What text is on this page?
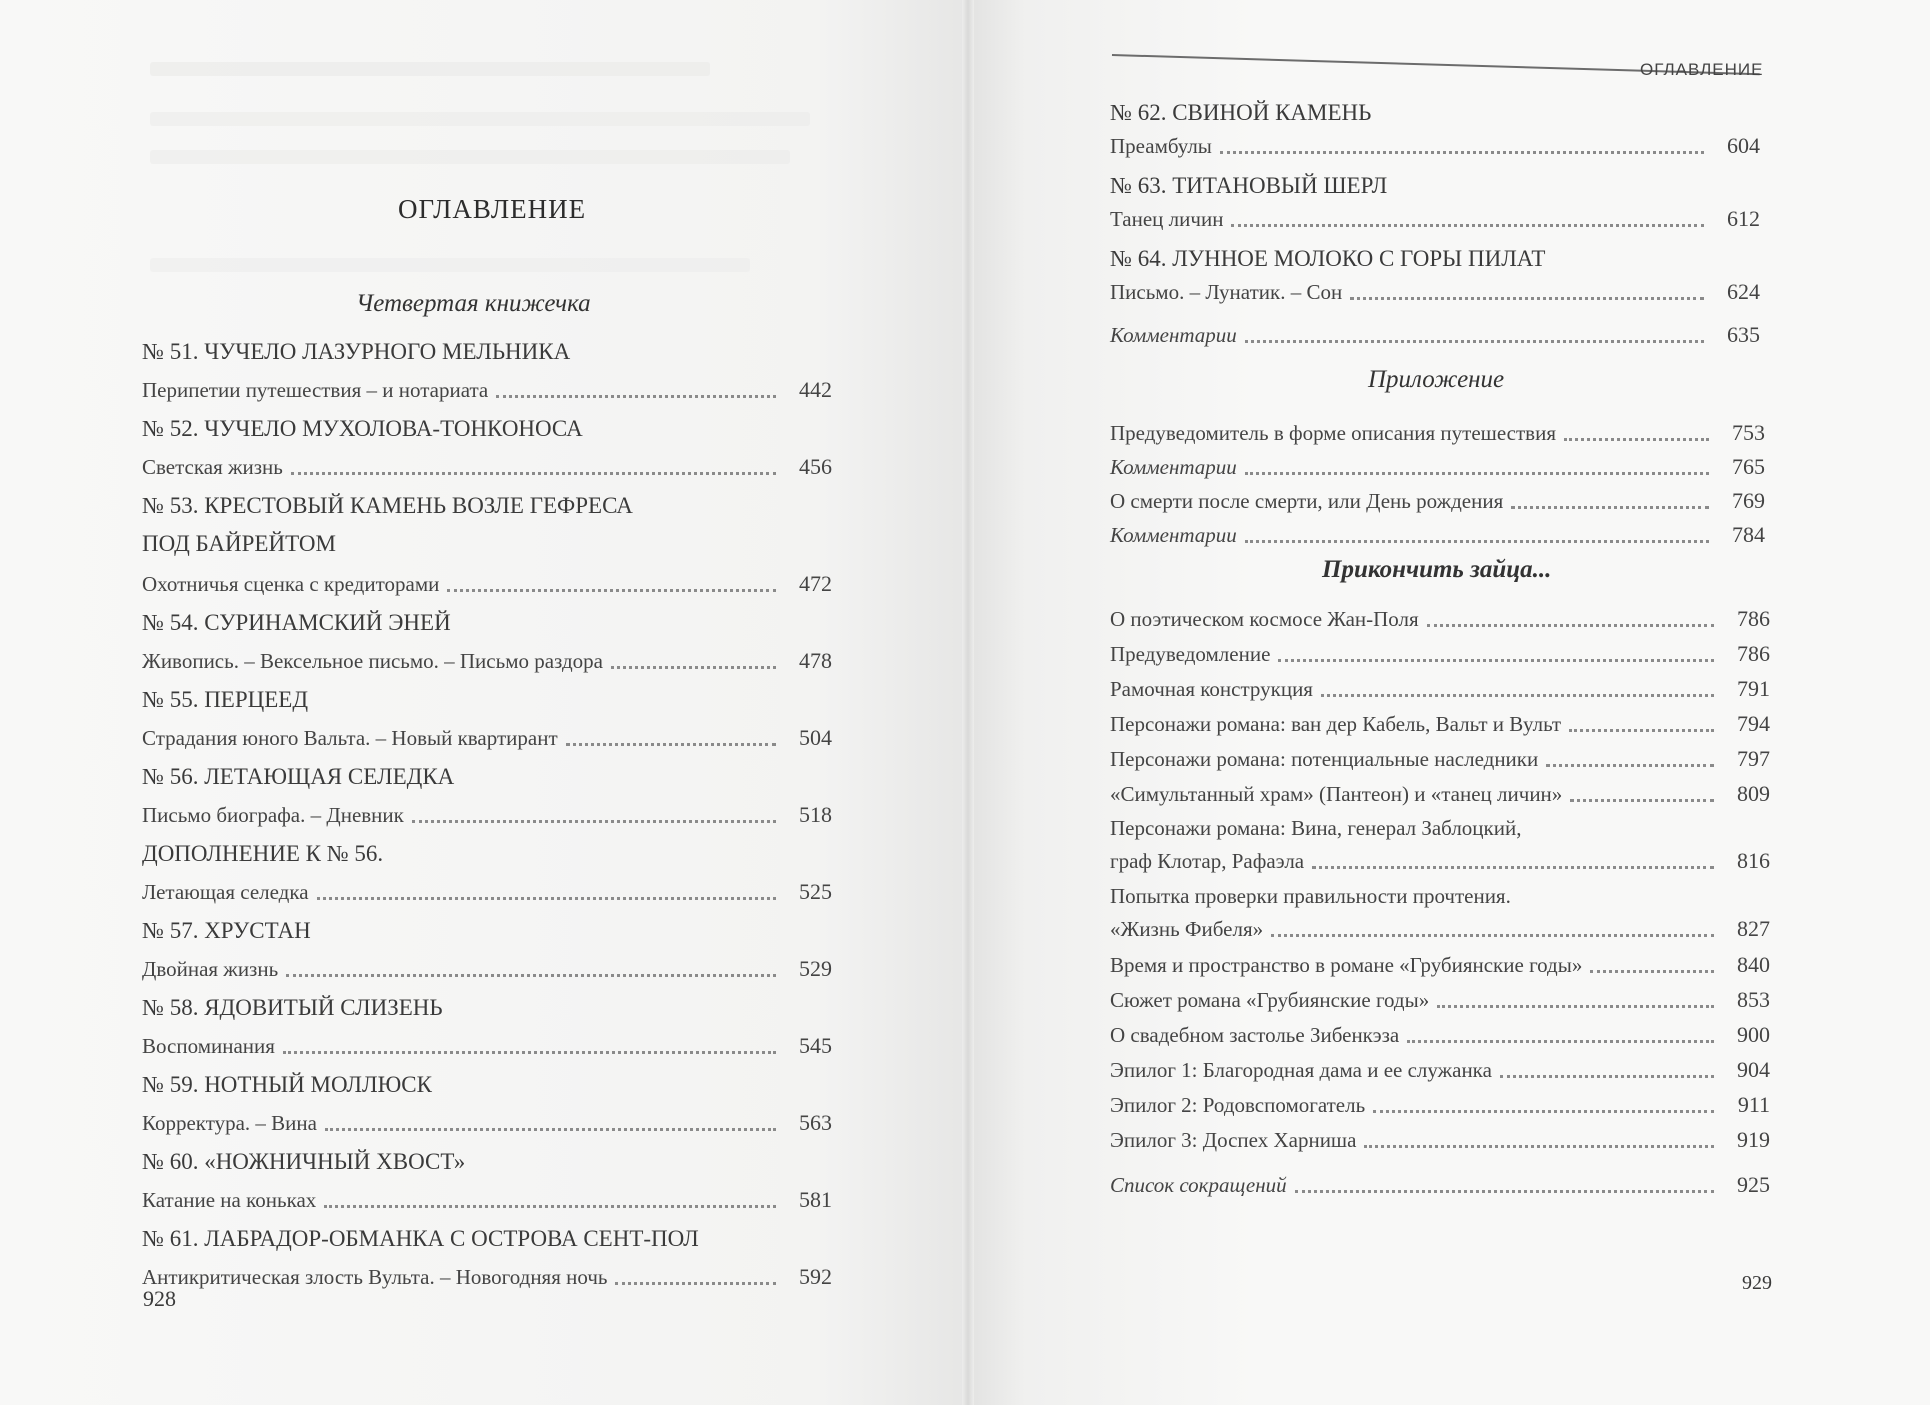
ОГЛАВЛЕНИЕ
ОГЛАВЛЕНИЕ
Четвертая книжечка
№ 51. ЧУЧЕЛО ЛАЗУРНОГО МЕЛЬНИКА
Перипетии путешествия – и нотариата	442
№ 52. ЧУЧЕЛО МУХОЛОВА-ТОНКОНОСА
Светская жизнь	456
№ 53. КРЕСТОВЫЙ КАМЕНЬ ВОЗЛЕ ГЕФРЕСА
ПОД БАЙРЕЙТОМ
Охотничья сценка с кредиторами	472
№ 54. СУРИНАМСКИЙ ЭНЕЙ
Живопись. – Вексельное письмо. – Письмо раздора	478
№ 55. ПЕРЦЕЕД
Страдания юного Вальта. – Новый квартирант	504
№ 56. ЛЕТАЮЩАЯ СЕЛЕДКА
Письмо биографа. – Дневник	518
ДОПОЛНЕНИЕ К № 56.
Летающая селедка	525
№ 57. ХРУСТАН
Двойная жизнь	529
№ 58. ЯДОВИТЫЙ СЛИЗЕНЬ
Воспоминания	545
№ 59. НОТНЫЙ МОЛЛЮСК
Корректура. – Вина	563
№ 60. «НОЖНИЧНЫЙ ХВОСТ»
Катание на коньках	581
№ 61. ЛАБРАДОР-ОБМАНКА С ОСТРОВА СЕНТ-ПОЛ
Антикритическая злость Вульта. – Новогодняя ночь	592
№ 62. СВИНОЙ КАМЕНЬ
Преамбулы	604
№ 63. ТИТАНОВЫЙ ШЕРЛ
Танец личин	612
№ 64. ЛУННОЕ МОЛОКО С ГОРЫ ПИЛАТ
Письмо. – Лунатик. – Сон	624
Комментарии	635
Приложение
Предуведомитель в форме описания путешествия	753
Комментарии	765
О смерти после смерти, или День рождения	769
Комментарии	784
Прикончить зайца...
О поэтическом космосе Жан-Поля	786
Предуведомление	786
Рамочная конструкция	791
Персонажи романа: ван дер Кабель, Вальт и Вульт	794
Персонажи романа: потенциальные наследники	797
«Симультанный храм» (Пантеон) и «танец личин»	809
Персонажи романа: Вина, генерал Заблоцкий,
граф Клотар, Рафаэла	816
Попытка проверки правильности прочтения.
«Жизнь Фибеля»	827
Время и пространство в романе «Грубиянские годы»	840
Сюжет романа «Грубиянские годы»	853
О свадебном застолье Зибенкэза	900
Эпилог 1: Благородная дама и ее служанка	904
Эпилог 2: Родовспомогатель	911
Эпилог 3: Доспех Харниша	919
Список сокращений	925
928
929
